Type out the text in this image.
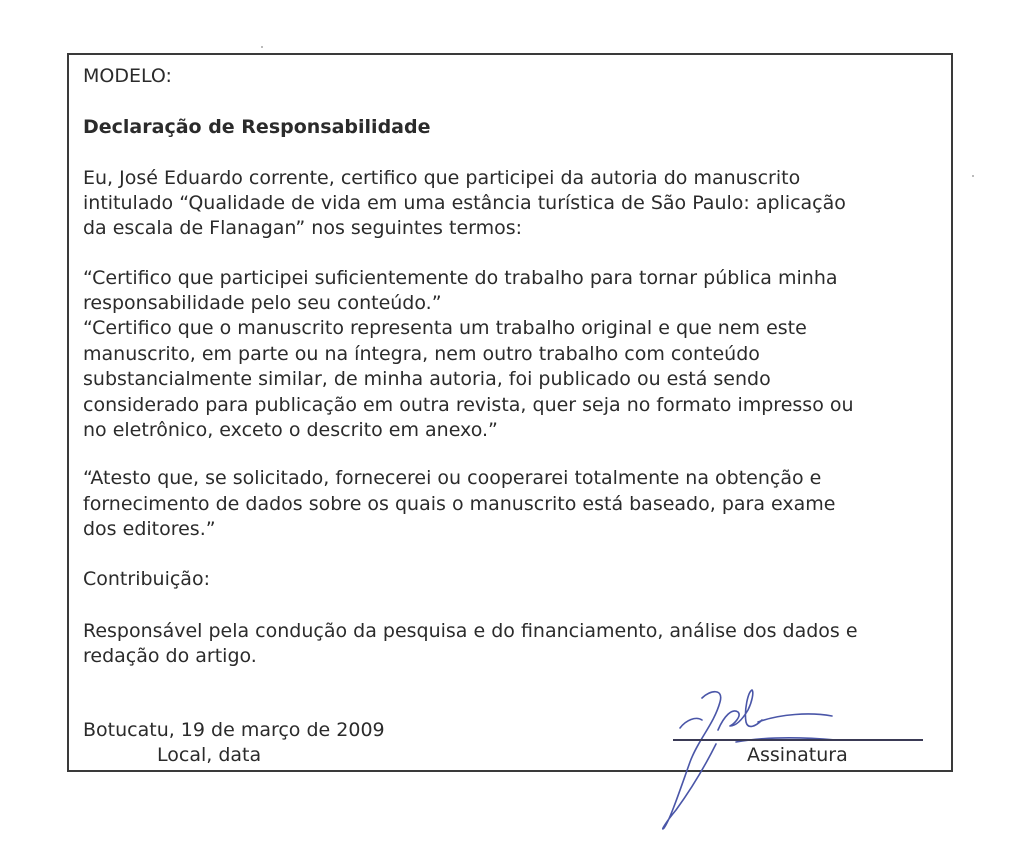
MODELO:
Declaração de Responsabilidade
Eu, José Eduardo corrente, certifico que participei da autoria do manuscrito
intitulado “Qualidade de vida em uma estância turística de São Paulo: aplicação
da escala de Flanagan” nos seguintes termos:
“Certifico que participei suficientemente do trabalho para tornar pública minha
responsabilidade pelo seu conteúdo.”
“Certifico que o manuscrito representa um trabalho original e que nem este
manuscrito, em parte ou na íntegra, nem outro trabalho com conteúdo
substancialmente similar, de minha autoria, foi publicado ou está sendo
considerado para publicação em outra revista, quer seja no formato impresso ou
no eletrônico, exceto o descrito em anexo.”
“Atesto que, se solicitado, fornecerei ou cooperarei totalmente na obtenção e
fornecimento de dados sobre os quais o manuscrito está baseado, para exame
dos editores.”
Contribuição:
Responsável pela condução da pesquisa e do financiamento, análise dos dados e
redação do artigo.
Botucatu, 19 de março de 2009
Local, data	Assinatura
